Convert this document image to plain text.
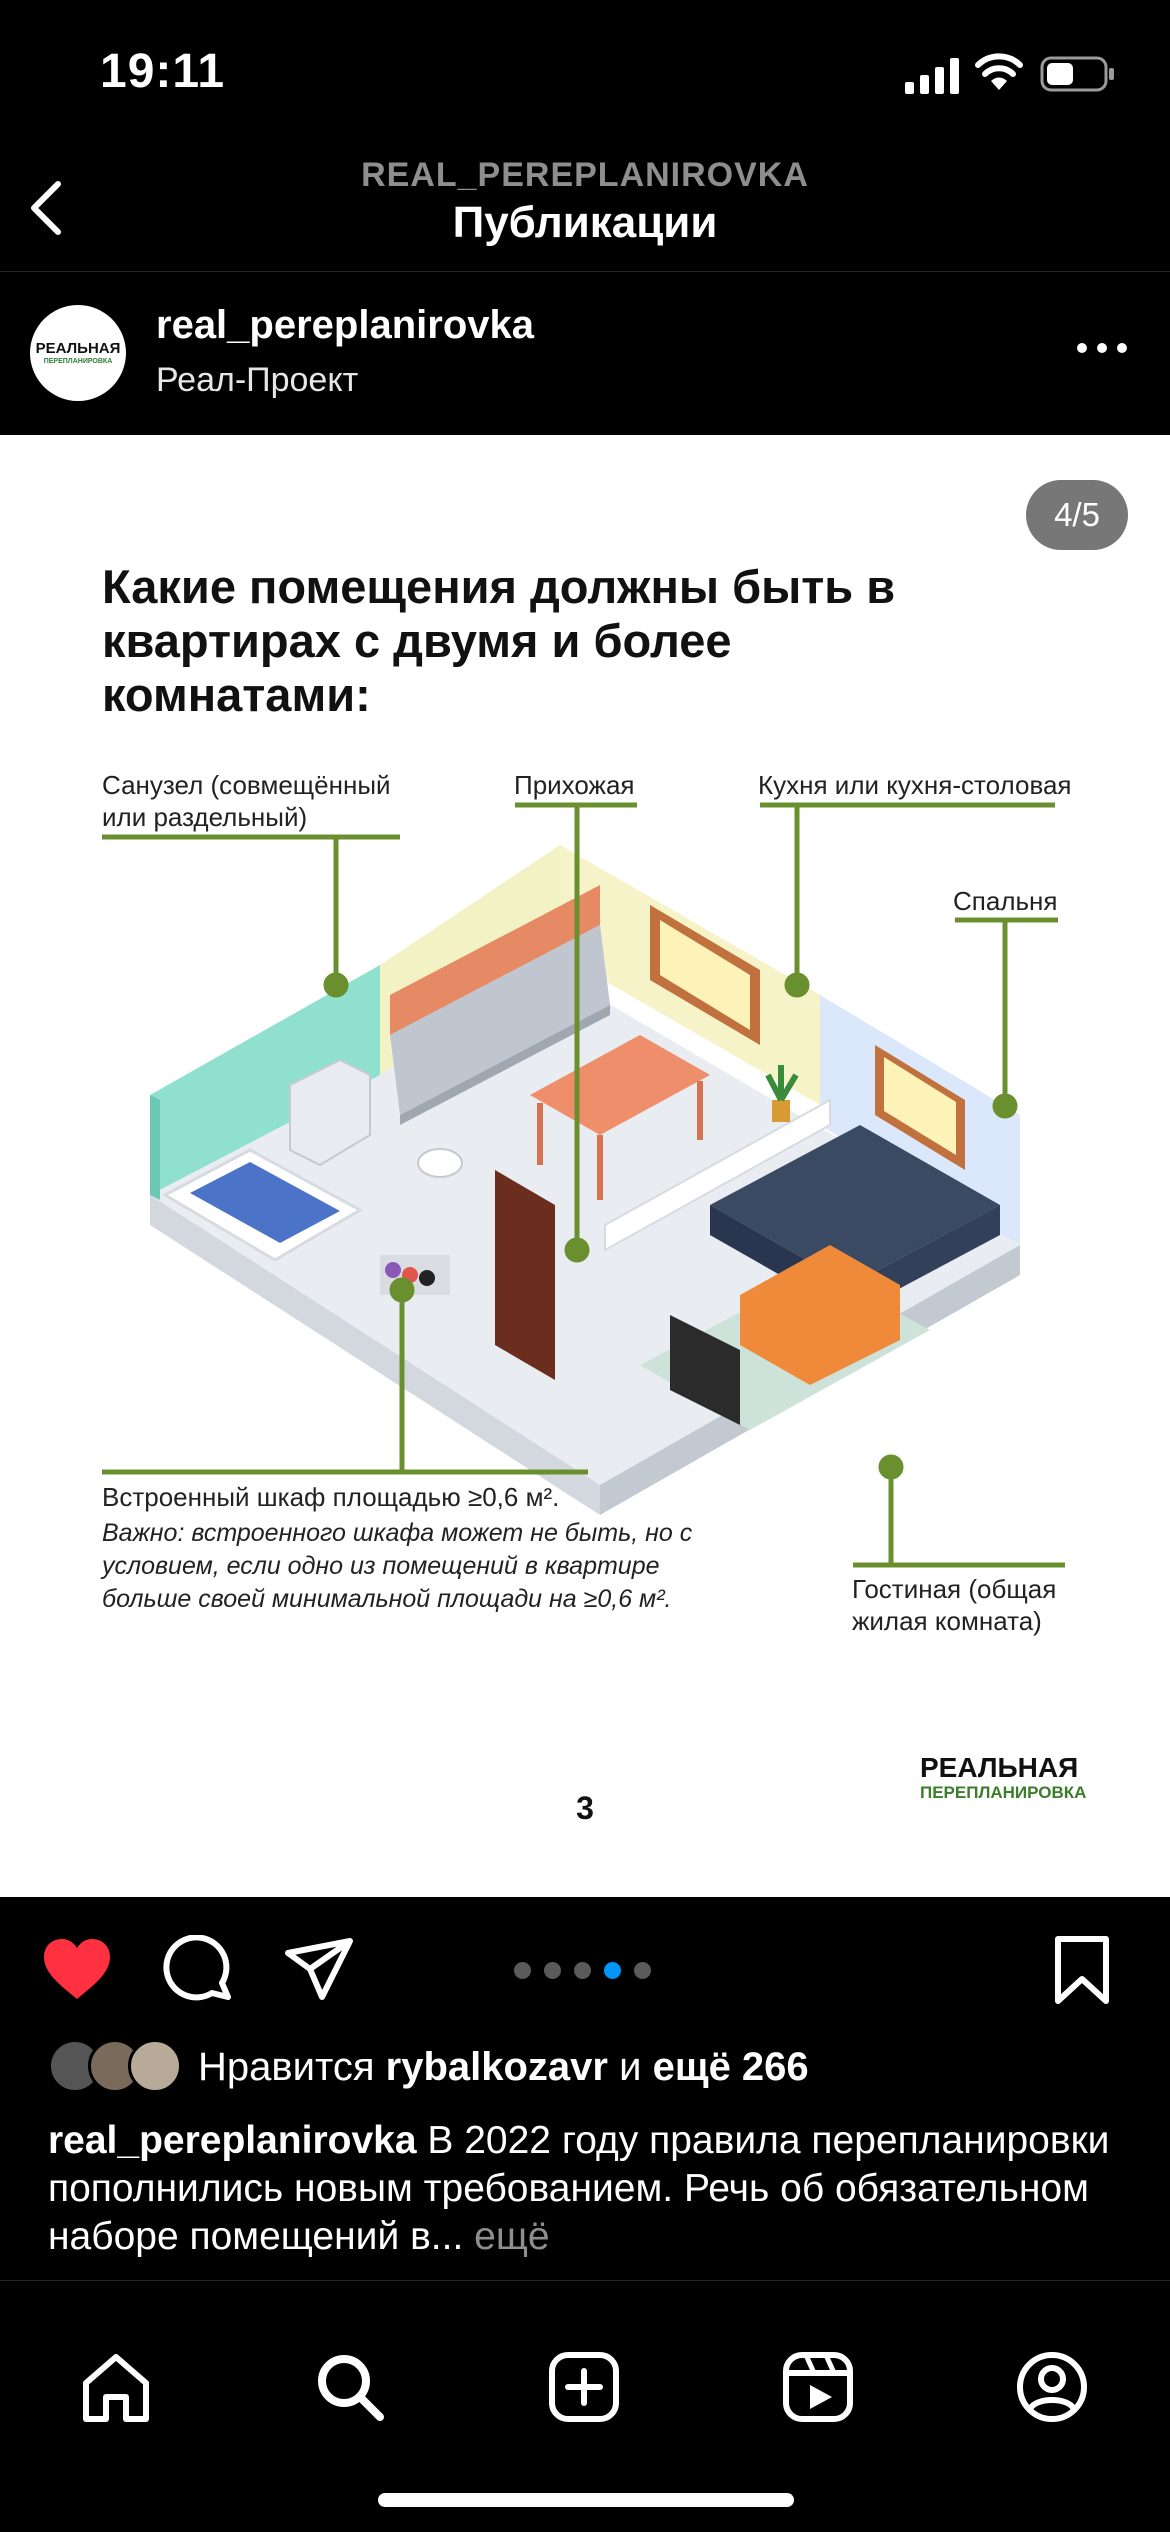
19:11
REAL_PEREPLANIROVKA
Публикации
РЕАЛЬНАЯ
ПЕРЕПЛАНИРОВКА
real_pereplanirovka
Реал-Проект
4/5
Какие помещения должны быть в квартирах с двумя и более комнатами:
Санузел (совмещённый или раздельный)
Прихожая	Кухня или кухня-столовая
Спальня
Встроенный шкаф площадью ≥0,6 м².
Гостиная (общая жилая комната)
Важно: встроенного шкафа может не быть, но с условием, если одно из помещений в квартире больше своей минимальной площади на ≥0,6 м².
3
РЕАЛЬНАЯ
ПЕРЕПЛАНИРОВКА
Нравится rybalkozavr и ещё 266
real_pereplanirovka В 2022 году правила перепланировки пополнились новым требованием. Речь об обязательном наборе помещений в... ещё
